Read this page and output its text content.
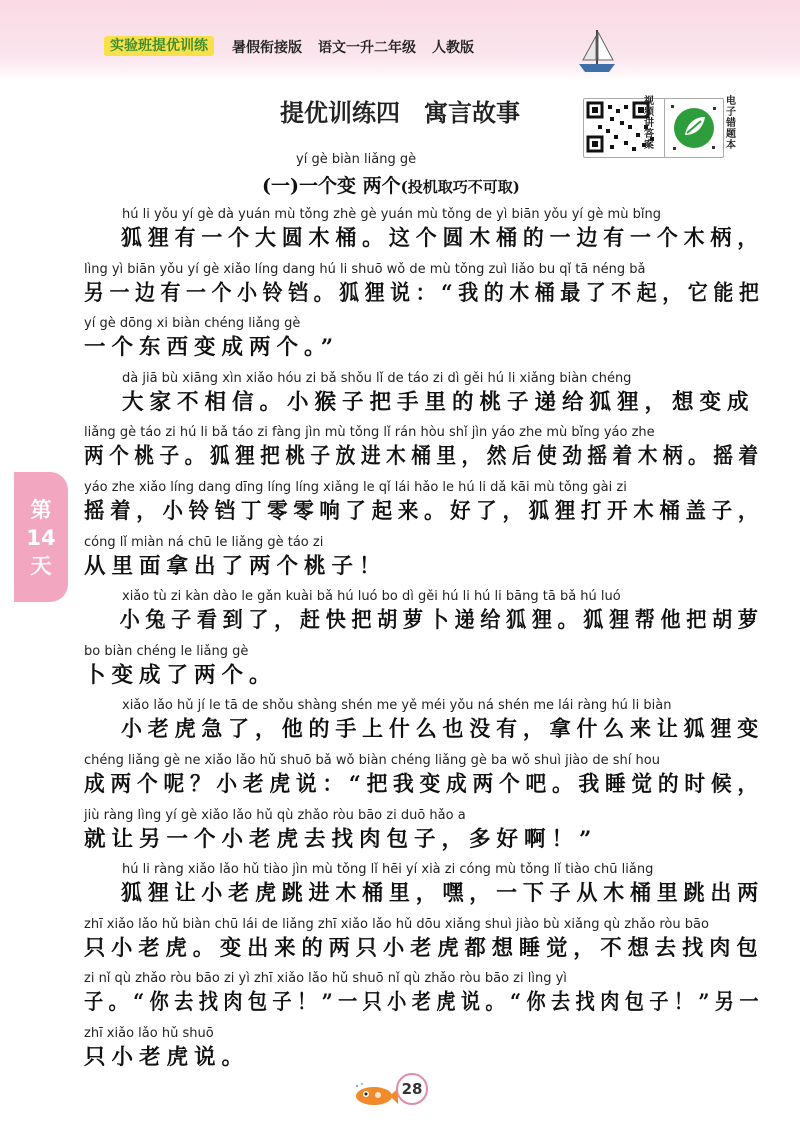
实验班提优训练	暑假衔接版 语文一升二年级 人教版
提优训练四　寓言故事	视
频
讲
答
案
电
子
错
题
本
yí gè biàn liǎng gè
(一)一个变 两个(投机取巧不可取)
第
14
天
hú li yǒu yí gè dà yuán mù tǒng zhè gè yuán mù tǒng de yì biān yǒu yí gè mù bǐng
狐狸有一个大圆木桶。这个圆木桶的一边有一个木柄，
lìng yì biān yǒu yí gè xiǎo líng dang hú li shuō wǒ de mù tǒng zuì liǎo bu qǐ tā néng bǎ
另一边有一个小铃铛。狐狸说：“我的木桶最了不起，它能把
yí gè dōng xi biàn chéng liǎng gè
一个东西变成两个。”
dà jiā bù xiāng xìn xiǎo hóu zi bǎ shǒu lǐ de táo zi dì gěi hú li xiǎng biàn chéng
大家不相信。小猴子把手里的桃子递给狐狸，想变成
liǎng gè táo zi hú li bǎ táo zi fàng jìn mù tǒng lǐ rán hòu shǐ jìn yáo zhe mù bǐng yáo zhe
两个桃子。狐狸把桃子放进木桶里，然后使劲摇着木柄。摇着
yáo zhe xiǎo líng dang dīng líng líng xiǎng le qǐ lái hǎo le hú li dǎ kāi mù tǒng gài zi
摇着，小铃铛丁零零响了起来。好了，狐狸打开木桶盖子，
cóng lǐ miàn ná chū le liǎng gè táo zi
从里面拿出了两个桃子！
xiǎo tù zi kàn dào le gǎn kuài bǎ hú luó bo dì gěi hú li hú li bāng tā bǎ hú luó
小兔子看到了，赶快把胡萝卜递给狐狸。狐狸帮他把胡萝
bo biàn chéng le liǎng gè
卜变成了两个。
xiǎo lǎo hǔ jí le tā de shǒu shàng shén me yě méi yǒu ná shén me lái ràng hú li biàn
小老虎急了，他的手上什么也没有，拿什么来让狐狸变
chéng liǎng gè ne xiǎo lǎo hǔ shuō bǎ wǒ biàn chéng liǎng gè ba wǒ shuì jiào de shí hou
成两个呢？小老虎说：“把我变成两个吧。我睡觉的时候，
jiù ràng lìng yí gè xiǎo lǎo hǔ qù zhǎo ròu bāo zi duō hǎo a
就让另一个小老虎去找肉包子，多好啊！”
hú li ràng xiǎo lǎo hǔ tiào jìn mù tǒng lǐ hēi yí xià zi cóng mù tǒng lǐ tiào chū liǎng
狐狸让小老虎跳进木桶里，嘿，一下子从木桶里跳出两
zhī xiǎo lǎo hǔ biàn chū lái de liǎng zhī xiǎo lǎo hǔ dōu xiǎng shuì jiào bù xiǎng qù zhǎo ròu bāo
只小老虎。变出来的两只小老虎都想睡觉，不想去找肉包
zi nǐ qù zhǎo ròu bāo zi yì zhī xiǎo lǎo hǔ shuō nǐ qù zhǎo ròu bāo zi lìng yì
子。“你去找肉包子！”一只小老虎说。“你去找肉包子！”另一
zhī xiǎo lǎo hǔ shuō
只小老虎说。
28
